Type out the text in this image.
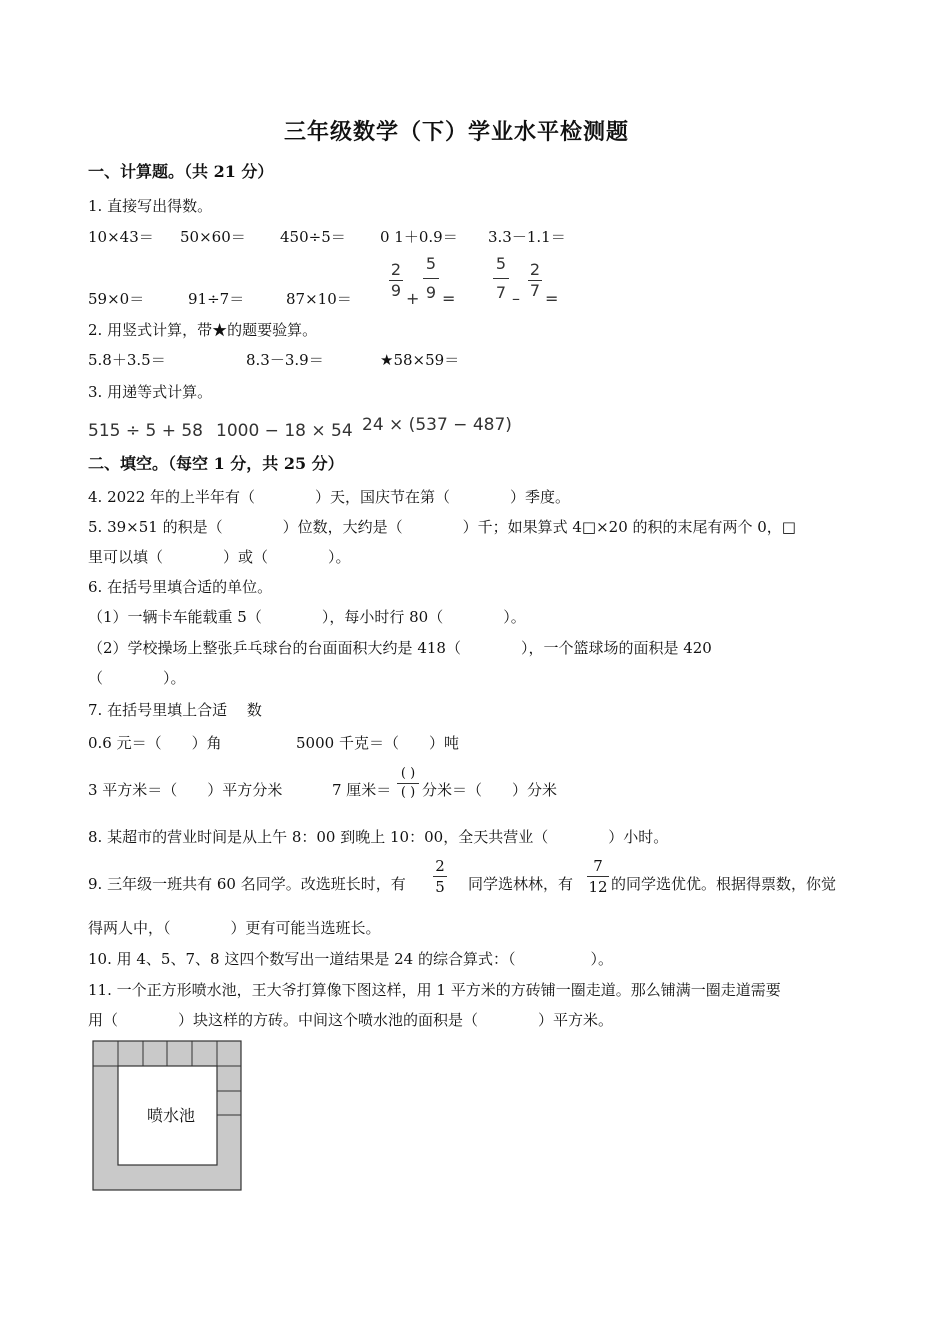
三年级数学（下）学业水平检测题
一、计算题。（共 21 分）
1. 直接写出得数。
10×43＝ 50×60＝ 450÷5＝ 0 1＋0.9＝ 3.3－1.1＝
59×0＝	91÷7＝	87×10＝
2
9 +
5
9 =
5
7 –
2
7 =
2. 用竖式计算，带★的题要验算。
5.8＋3.5＝	8.3－3.9＝	★58×59＝
3. 用递等式计算。
515 ÷ 5 + 58 1000 − 18 × 54 24 × (537 − 487)
二、填空。（每空 1 分，共 25 分）
4. 2022 年的上半年有（　　　　）天，国庆节在第（　　　　）季度。
5. 39×51 的积是（　　　　）位数，大约是（　　　　）千；如果算式 4□×20 的积的末尾有两个 0，□
里可以填（　　　　）或（　　　　）。
6. 在括号里填合适的单位。
（1）一辆卡车能载重 5（　　　　），每小时行 80（　　　　）。
（2）学校操场上整张乒乓球台的台面面积大约是 418（　　　　），一个篮球场的面积是 420
（　　　　）。
7. 在括号里填上合适　 数
0.6 元＝（　　）角	5000 千克＝（　　）吨
3 平方米＝（　　）平方分米	7 厘米＝
( )
( ) 分米＝（　　）分米
8. 某超市的营业时间是从上午 8：00 到晚上 10：00，全天共营业（　　　　）小时。
9. 三年级一班共有 60 名同学。改选班长时，有
2
5 同学选林林，有
7
12 的同学选优优。根据得票数，你觉
得两人中，（　　　　）更有可能当选班长。
10. 用 4、5、7、8 这四个数写出一道结果是 24 的综合算式：（　　　　　）。
11. 一个正方形喷水池，王大爷打算像下图这样，用 1 平方米的方砖铺一圈走道。那么铺满一圈走道需要
用（　　　　）块这样的方砖。中间这个喷水池的面积是（　　　　）平方米。
喷水池
